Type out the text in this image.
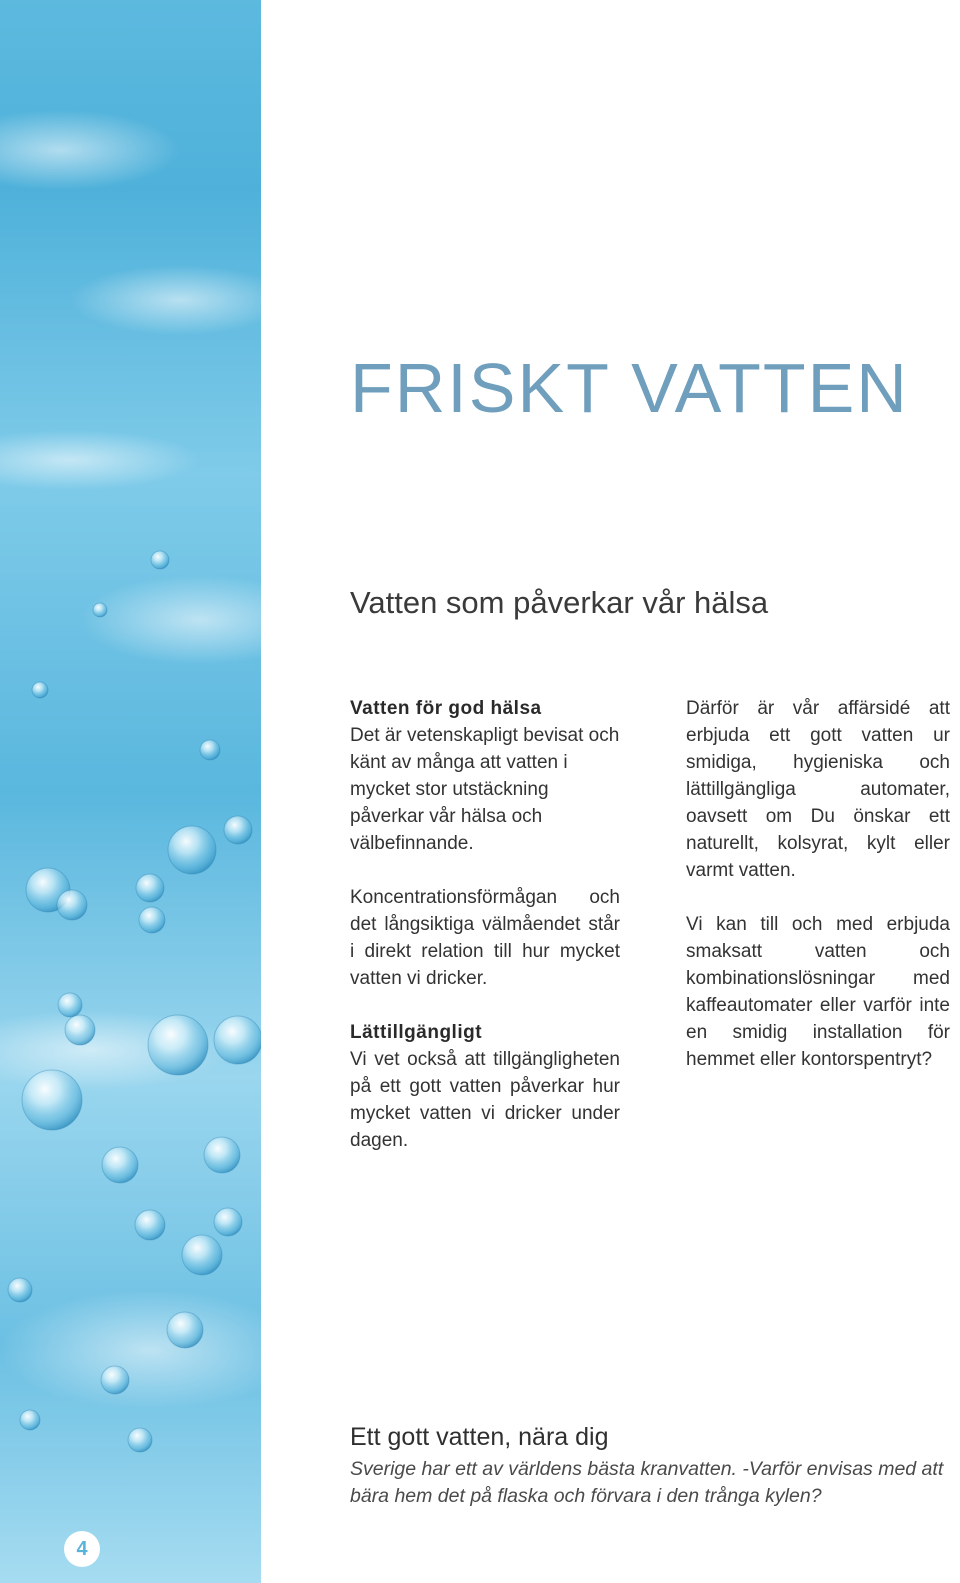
4
FRISKT VATTEN
Vatten som påverkar vår hälsa
Vatten för god hälsa

Det är vetenskapligt bevisat och känt av många att vatten i mycket stor utstäckning påverkar vår hälsa och välbefinnande.

Koncentrationsförmågan och det långsiktiga välmåendet står i direkt relation till hur mycket vatten vi dricker.

Lättillgängligt

Vi vet också att tillgängligheten på ett gott vatten påverkar hur mycket vatten vi dricker under dagen.

Därför är vår affärsidé att erbjuda ett gott vatten ur smidiga, hygieniska och lättillgängliga automater, oavsett om Du önskar ett naturellt, kolsyrat, kylt eller varmt vatten.

Vi kan till och med erbjuda smaksatt vatten och kombinationslösningar med kaffeautomater eller varför inte en smidig installation för hemmet eller kontorspentryt?

Ett gott vatten, nära dig

Sverige har ett av världens bästa kranvatten. -Varför envisas med att bära hem det på flaska och förvara i den trånga kylen?
